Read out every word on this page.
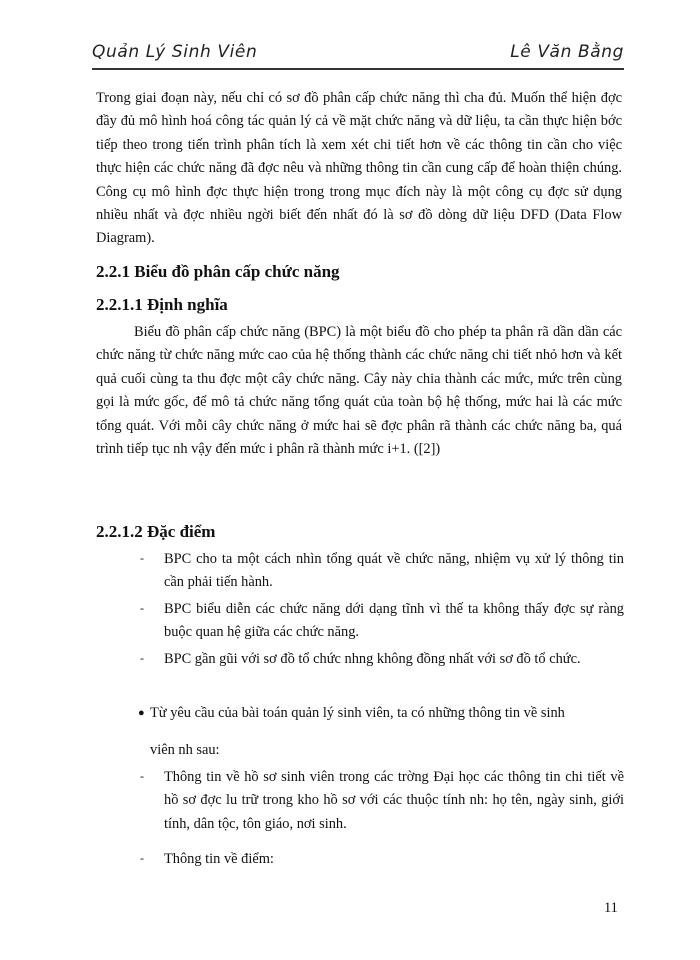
Quản Lý Sinh Viên	Lê Văn Bằng
Trong giai đoạn này, nếu chỉ có sơ đồ phân cấp chức năng thì cha đủ. Muốn thể hiện đợc đầy đủ mô hình hoá công tác quản lý cả về mặt chức năng và dữ liệu, ta cần thực hiện bớc tiếp theo trong tiến trình phân tích là xem xét chi tiết hơn về các thông tin cần cho việc thực hiện các chức năng đã đợc nêu và những thông tin cần cung cấp để hoàn thiện chúng. Công cụ mô hình đợc thực hiện trong trong mục đích này là một công cụ đợc sử dụng nhiều nhất và đợc nhiều ngời biết đến nhất đó là sơ đồ dòng dữ liệu DFD (Data Flow Diagram).
2.2.1 Biểu đồ phân cấp chức năng
2.2.1.1 Định nghĩa
Biểu đồ phân cấp chức năng (BPC) là một biểu đồ cho phép ta phân rã dần dần các chức năng từ chức năng mức cao của hệ thống thành các chức năng chi tiết nhỏ hơn và kết quả cuối cùng ta thu đợc một cây chức năng. Cây này chia thành các mức, mức trên cùng gọi là mức gốc, để mô tả chức năng tổng quát của toàn bộ hệ thống, mức hai là các mức tổng quát. Với mỗi cây chức năng ở mức hai sẽ đợc phân rã thành các chức năng ba, quá trình tiếp tục nh vậy đến mức i phân rã thành mức i+1. ([2])
2.2.1.2 Đặc điểm
- BPC cho ta một cách nhìn tổng quát về chức năng, nhiệm vụ xử lý thông tin cần phải tiến hành.
- BPC biểu diễn các chức năng dới dạng tĩnh vì thế ta không thấy đợc sự ràng buộc quan hệ giữa các chức năng.
- BPC gần gũi với sơ đồ tổ chức nhng không đồng nhất với sơ đồ tổ chức.
● Từ yêu cầu của bài toán quản lý sinh viên, ta có những thông tin về sinh
viên nh sau:
- Thông tin về hồ sơ sinh viên trong các trờng Đại học các thông tin chi tiết về hồ sơ đợc lu trữ trong kho hồ sơ với các thuộc tính nh: họ tên, ngày sinh, giới tính, dân tộc, tôn giáo, nơi sinh.
- Thông tin về điểm:
11
